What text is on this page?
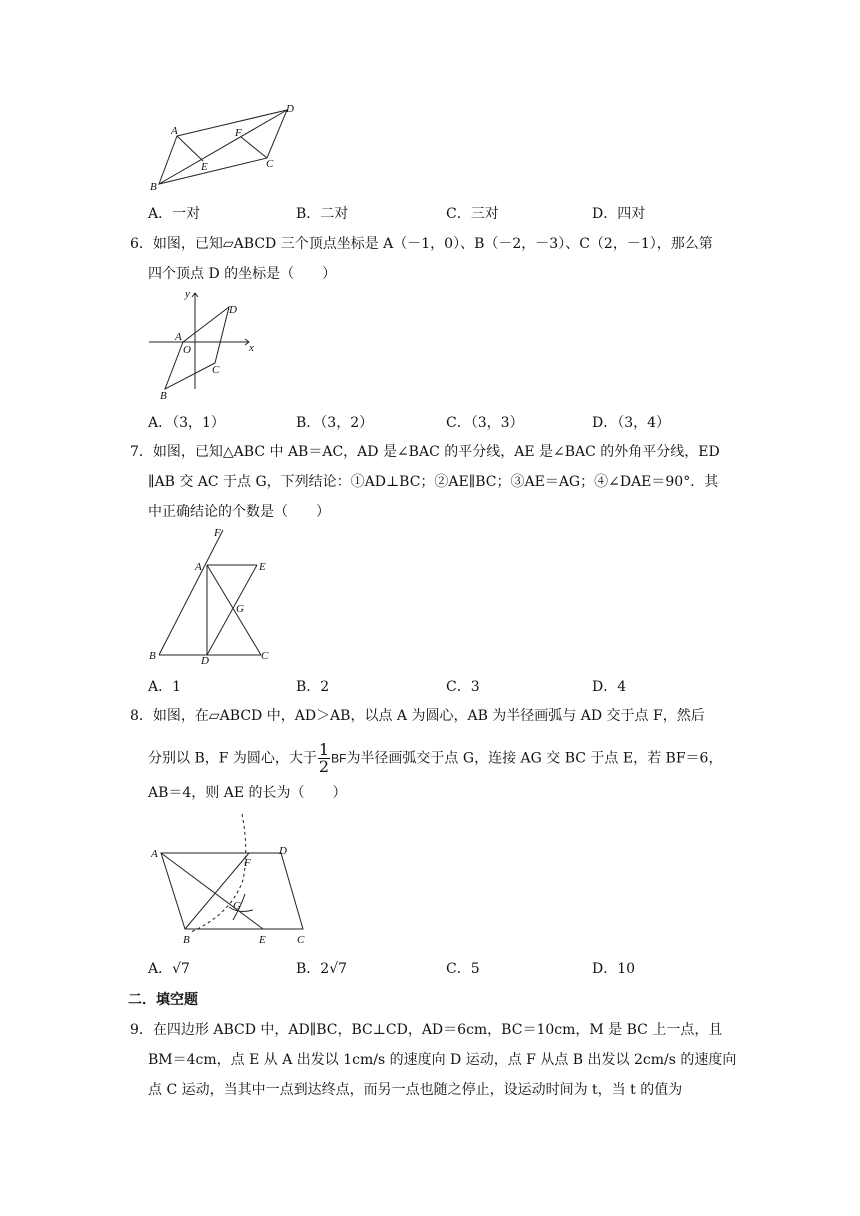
A
B
C
D
E
F
A．一对	B．二对	C．三对	D．四对
6．如图，已知▱ABCD 三个顶点坐标是 A（－1，0）、B（－2，－3）、C（2，－1），那么第
四个顶点 D 的坐标是（　　）
y
x
A
O
B
C
D
A．（3，1）	B．（3，2）	C．（3，3）	D．（3，4）
7．如图，已知△ABC 中 AB＝AC，AD 是∠BAC 的平分线，AE 是∠BAC 的外角平分线，ED
∥AB 交 AC 于点 G，下列结论：①AD⊥BC；②AE∥BC；③AE＝AG；④∠DAE＝90°．其
中正确结论的个数是（　　）
F
A	E
G
B	D	C
A．1	B．2	C．3	D．4
8．如图，在▱ABCD 中，AD＞AB，以点 A 为圆心，AB 为半径画弧与 AD 交于点 F，然后
分别以 B，F 为圆心，大于 $\frac{1}{2}$ BF为半径画弧交于点 G，连接 AG 交 BC 于点 E，若 BF＝6，
AB＝4，则 AE 的长为（　　）
A
F
D
G
B	E	C
A．√7	B．2√7	C．5	D．10
二．填空题
9．在四边形 ABCD 中，AD∥BC，BC⊥CD，AD＝6cm，BC＝10cm，M 是 BC 上一点，且
BM＝4cm，点 E 从 A 出发以 1cm/s 的速度向 D 运动，点 F 从点 B 出发以 2cm/s 的速度向
点 C 运动，当其中一点到达终点，而另一点也随之停止，设运动时间为 t，当 t 的值为
